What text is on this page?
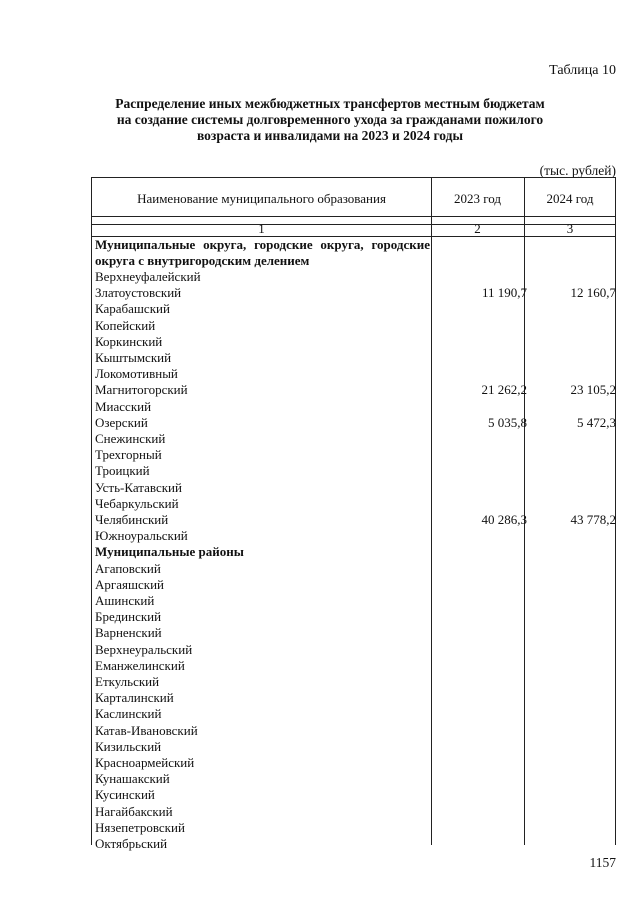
Таблица 10
Распределение иных межбюджетных трансфертов местным бюджетам
на создание системы долговременного ухода за гражданами пожилого
возраста и инвалидами на 2023 и 2024 годы
(тыс. рублей)
Наименование муниципального образования	2023 год	2024 год
1	2	3
Муниципальные округа, городские округа, городские округа с внутригородским делением
Верхнеуфалейский
Златоустовский	11 190,7	12 160,7
Карабашский
Копейский
Коркинский
Кыштымский
Локомотивный
Магнитогорский	21 262,2	23 105,2
Миасский
Озерский	5 035,8	5 472,3
Снежинский
Трехгорный
Троицкий
Усть-Катавский
Чебаркульский
Челябинский	40 286,3	43 778,2
Южноуральский
Муниципальные районы
Агаповский
Аргаяшский
Ашинский
Брединский
Варненский
Верхнеуральский
Еманжелинский
Еткульский
Карталинский
Каслинский
Катав-Ивановский
Кизильский
Красноармейский
Кунашакский
Кусинский
Нагайбакский
Нязепетровский
Октябрьский
1157
